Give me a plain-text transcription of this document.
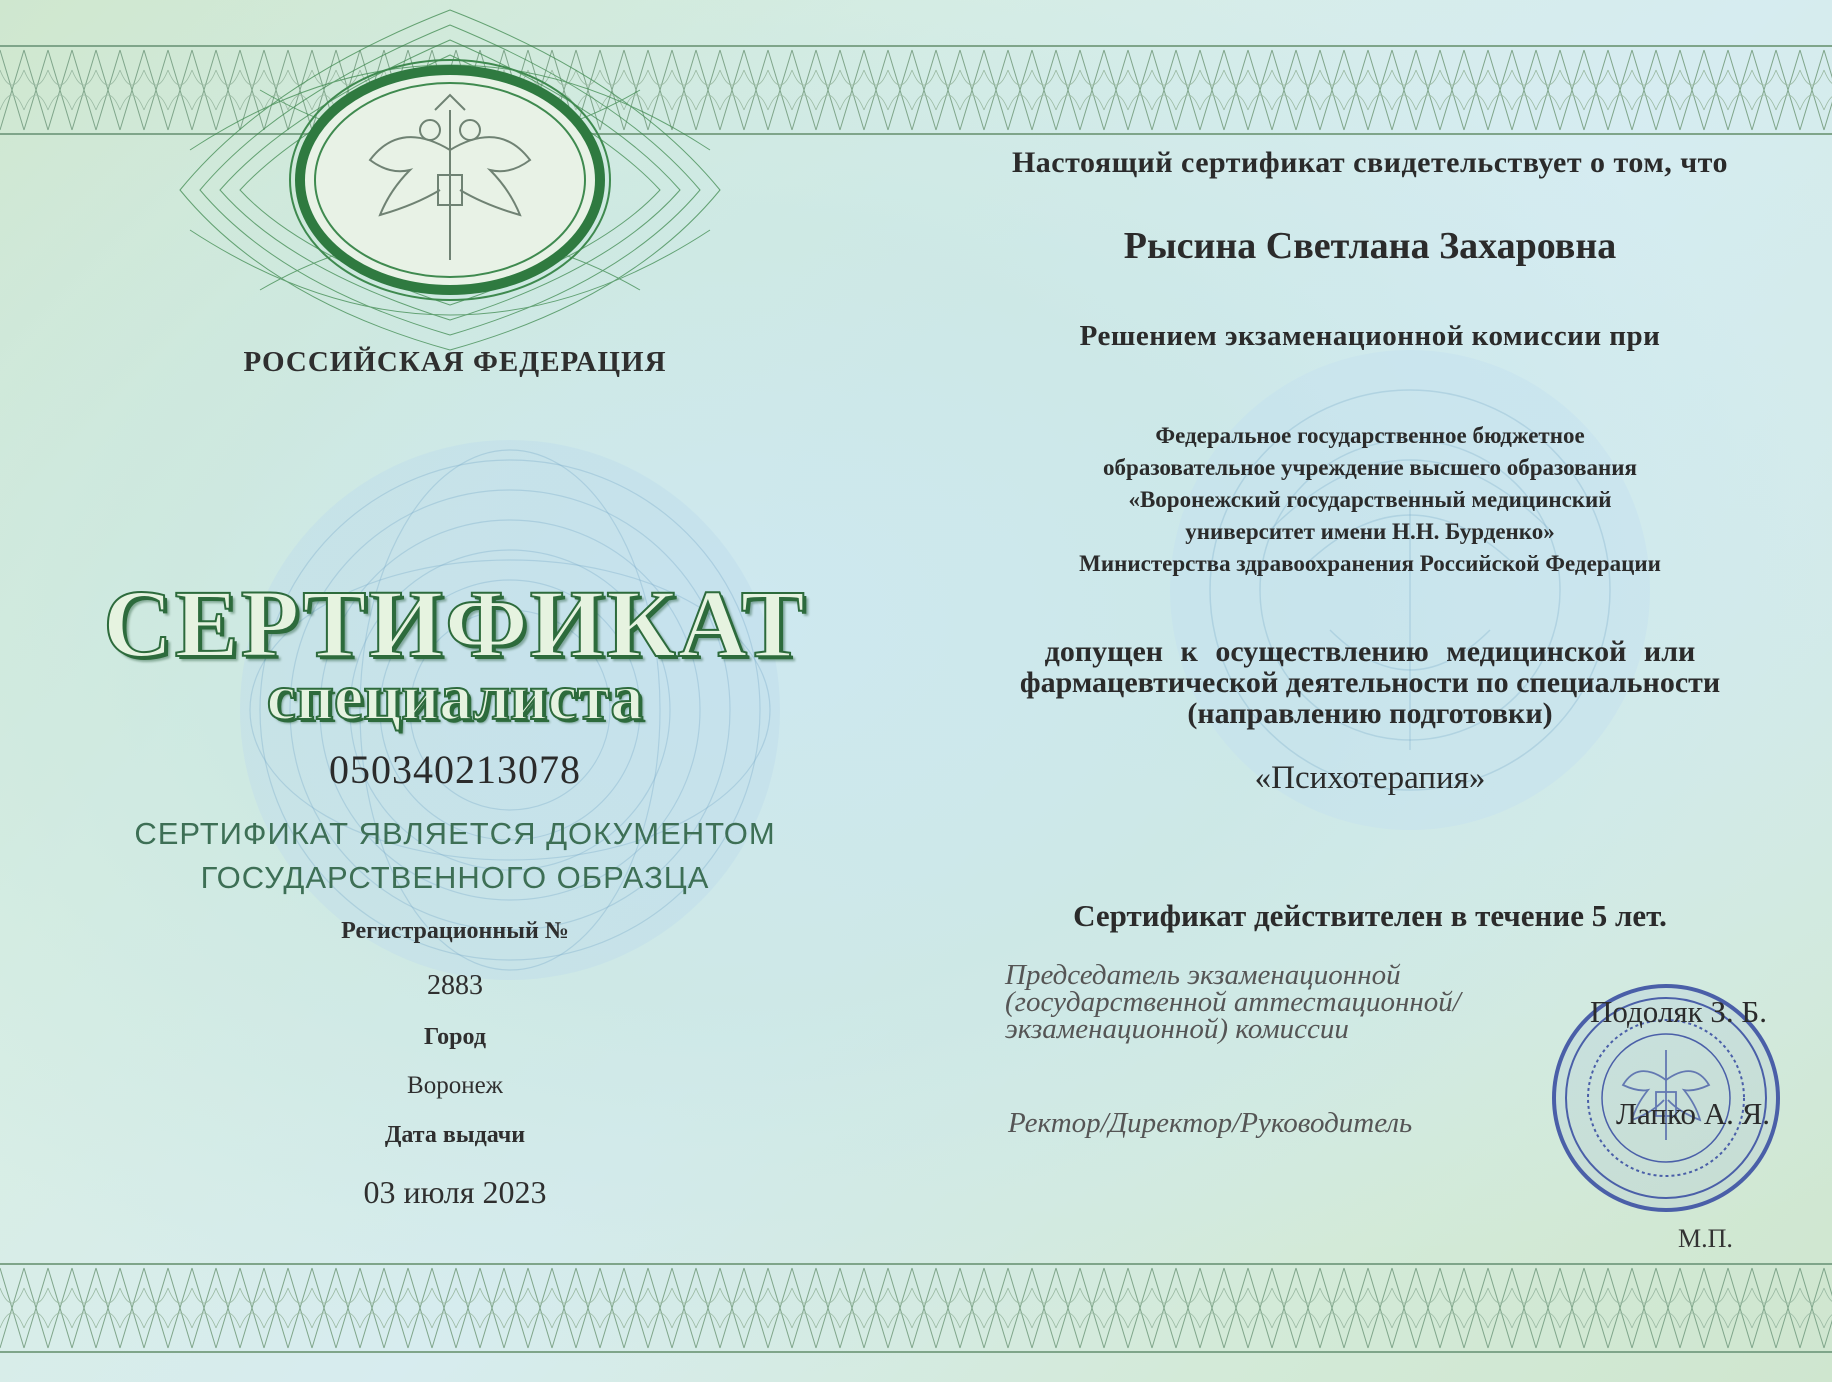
РОССИЙСКАЯ ФЕДЕРАЦИЯ
СЕРТИФИКАТ
специалиста
050340213078
СЕРТИФИКАТ ЯВЛЯЕТСЯ ДОКУМЕНТОМ
ГОСУДАРСТВЕННОГО ОБРАЗЦА
Регистрационный №
2883
Город
Воронеж
Дата выдачи
03 июля 2023
Настоящий сертификат свидетельствует о том, что
Рысина Светлана Захаровна
Решением экзаменационной комиссии при
Федеральное государственное бюджетное
образовательное учреждение высшего образования
«Воронежский государственный медицинский
университет имени Н.Н. Бурденко»
Министерства здравоохранения Российской Федерации
допущен к осуществлению медицинской или
фармацевтической деятельности по специальности
(направлению подготовки)
«Психотерапия»
Сертификат действителен в течение 5 лет.
Председатель экзаменационной
(государственной аттестационной/
экзаменационной) комиссии	Подоляк З. Б.
Ректор/Директор/Руководитель	Лапко А. Я.
М.П.
